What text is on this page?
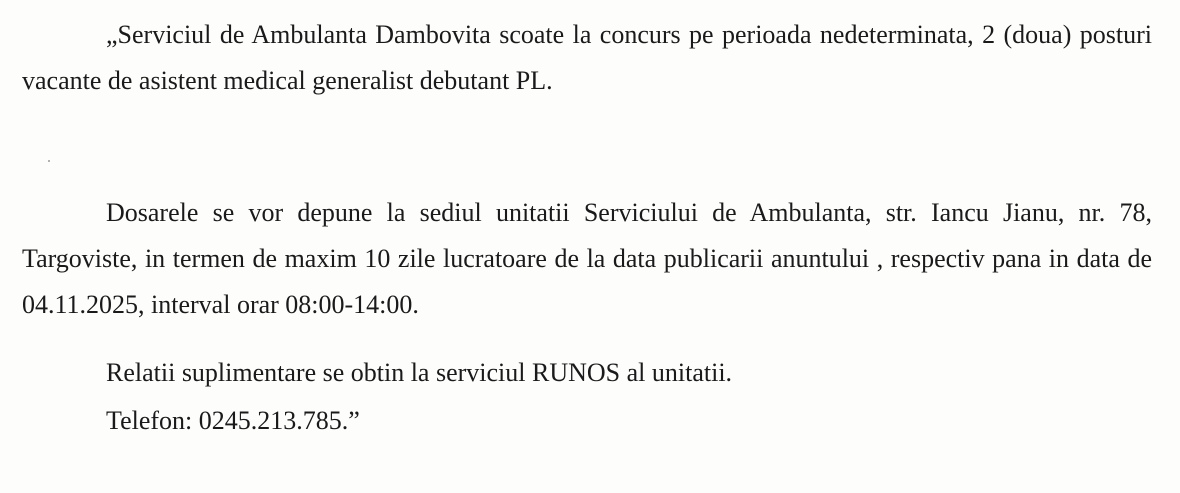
„Serviciul de Ambulanta Dambovita scoate la concurs pe perioada nedeterminata, 2 (doua) posturi vacante de asistent medical generalist debutant PL.

Dosarele se vor depune la sediul unitatii Serviciului de Ambulanta, str. Iancu Jianu, nr. 78, Targoviste, in termen de maxim 10 zile lucratoare de la data publicarii anuntului , respectiv pana in data de 04.11.2025, interval orar 08:00-14:00.

Relatii suplimentare se obtin la serviciul RUNOS al unitatii.

Telefon: 0245.213.785.”
